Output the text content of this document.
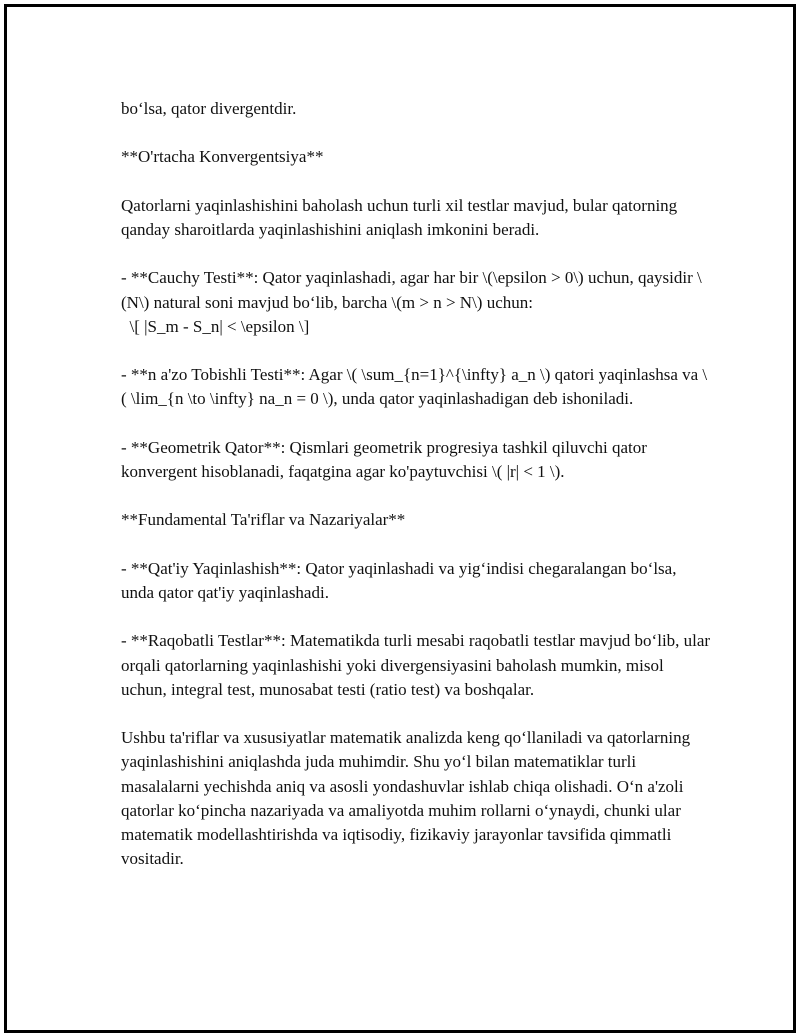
bo‘lsa, qator divergentdir.

**O'rtacha Konvergentsiya**

Qatorlarni yaqinlashishini baholash uchun turli xil testlar mavjud, bular qatorning qanday sharoitlarda yaqinlashishini aniqlash imkonini beradi.

- **Cauchy Testi**: Qator yaqinlashadi, agar har bir \(\epsilon > 0\) uchun, qaysidir \(N\) natural soni mavjud bo‘lib, barcha \(m > n > N\) uchun:
\[ |S_m - S_n| < \epsilon \]

- **n a'zo Tobishli Testi**: Agar \( \sum_{n=1}^{\infty} a_n \) qatori yaqinlashsa va \( \lim_{n \to \infty} na_n = 0 \), unda qator yaqinlashadigan deb ishoniladi.

- **Geometrik Qator**: Qismlari geometrik progresiya tashkil qiluvchi qator konvergent hisoblanadi, faqatgina agar ko'paytuvchisi \( |r| < 1 \).

**Fundamental Ta'riflar va Nazariyalar**

- **Qat'iy Yaqinlashish**: Qator yaqinlashadi va yig‘indisi chegaralangan bo‘lsa, unda qator qat'iy yaqinlashadi.

- **Raqobatli Testlar**: Matematikda turli mesabi raqobatli testlar mavjud bo‘lib, ular orqali qatorlarning yaqinlashishi yoki divergensiyasini baholash mumkin, misol uchun, integral test, munosabat testi (ratio test) va boshqalar.

Ushbu ta'riflar va xususiyatlar matematik analizda keng qo‘llaniladi va qatorlarning yaqinlashishini aniqlashda juda muhimdir. Shu yo‘l bilan matematiklar turli masalalarni yechishda aniq va asosli yondashuvlar ishlab chiqa olishadi. O‘n a'zoli qatorlar ko‘pincha nazariyada va amaliyotda muhim rollarni o‘ynaydi, chunki ular matematik modellashtirishda va iqtisodiy, fizikaviy jarayonlar tavsifida qimmatli vositadir.
